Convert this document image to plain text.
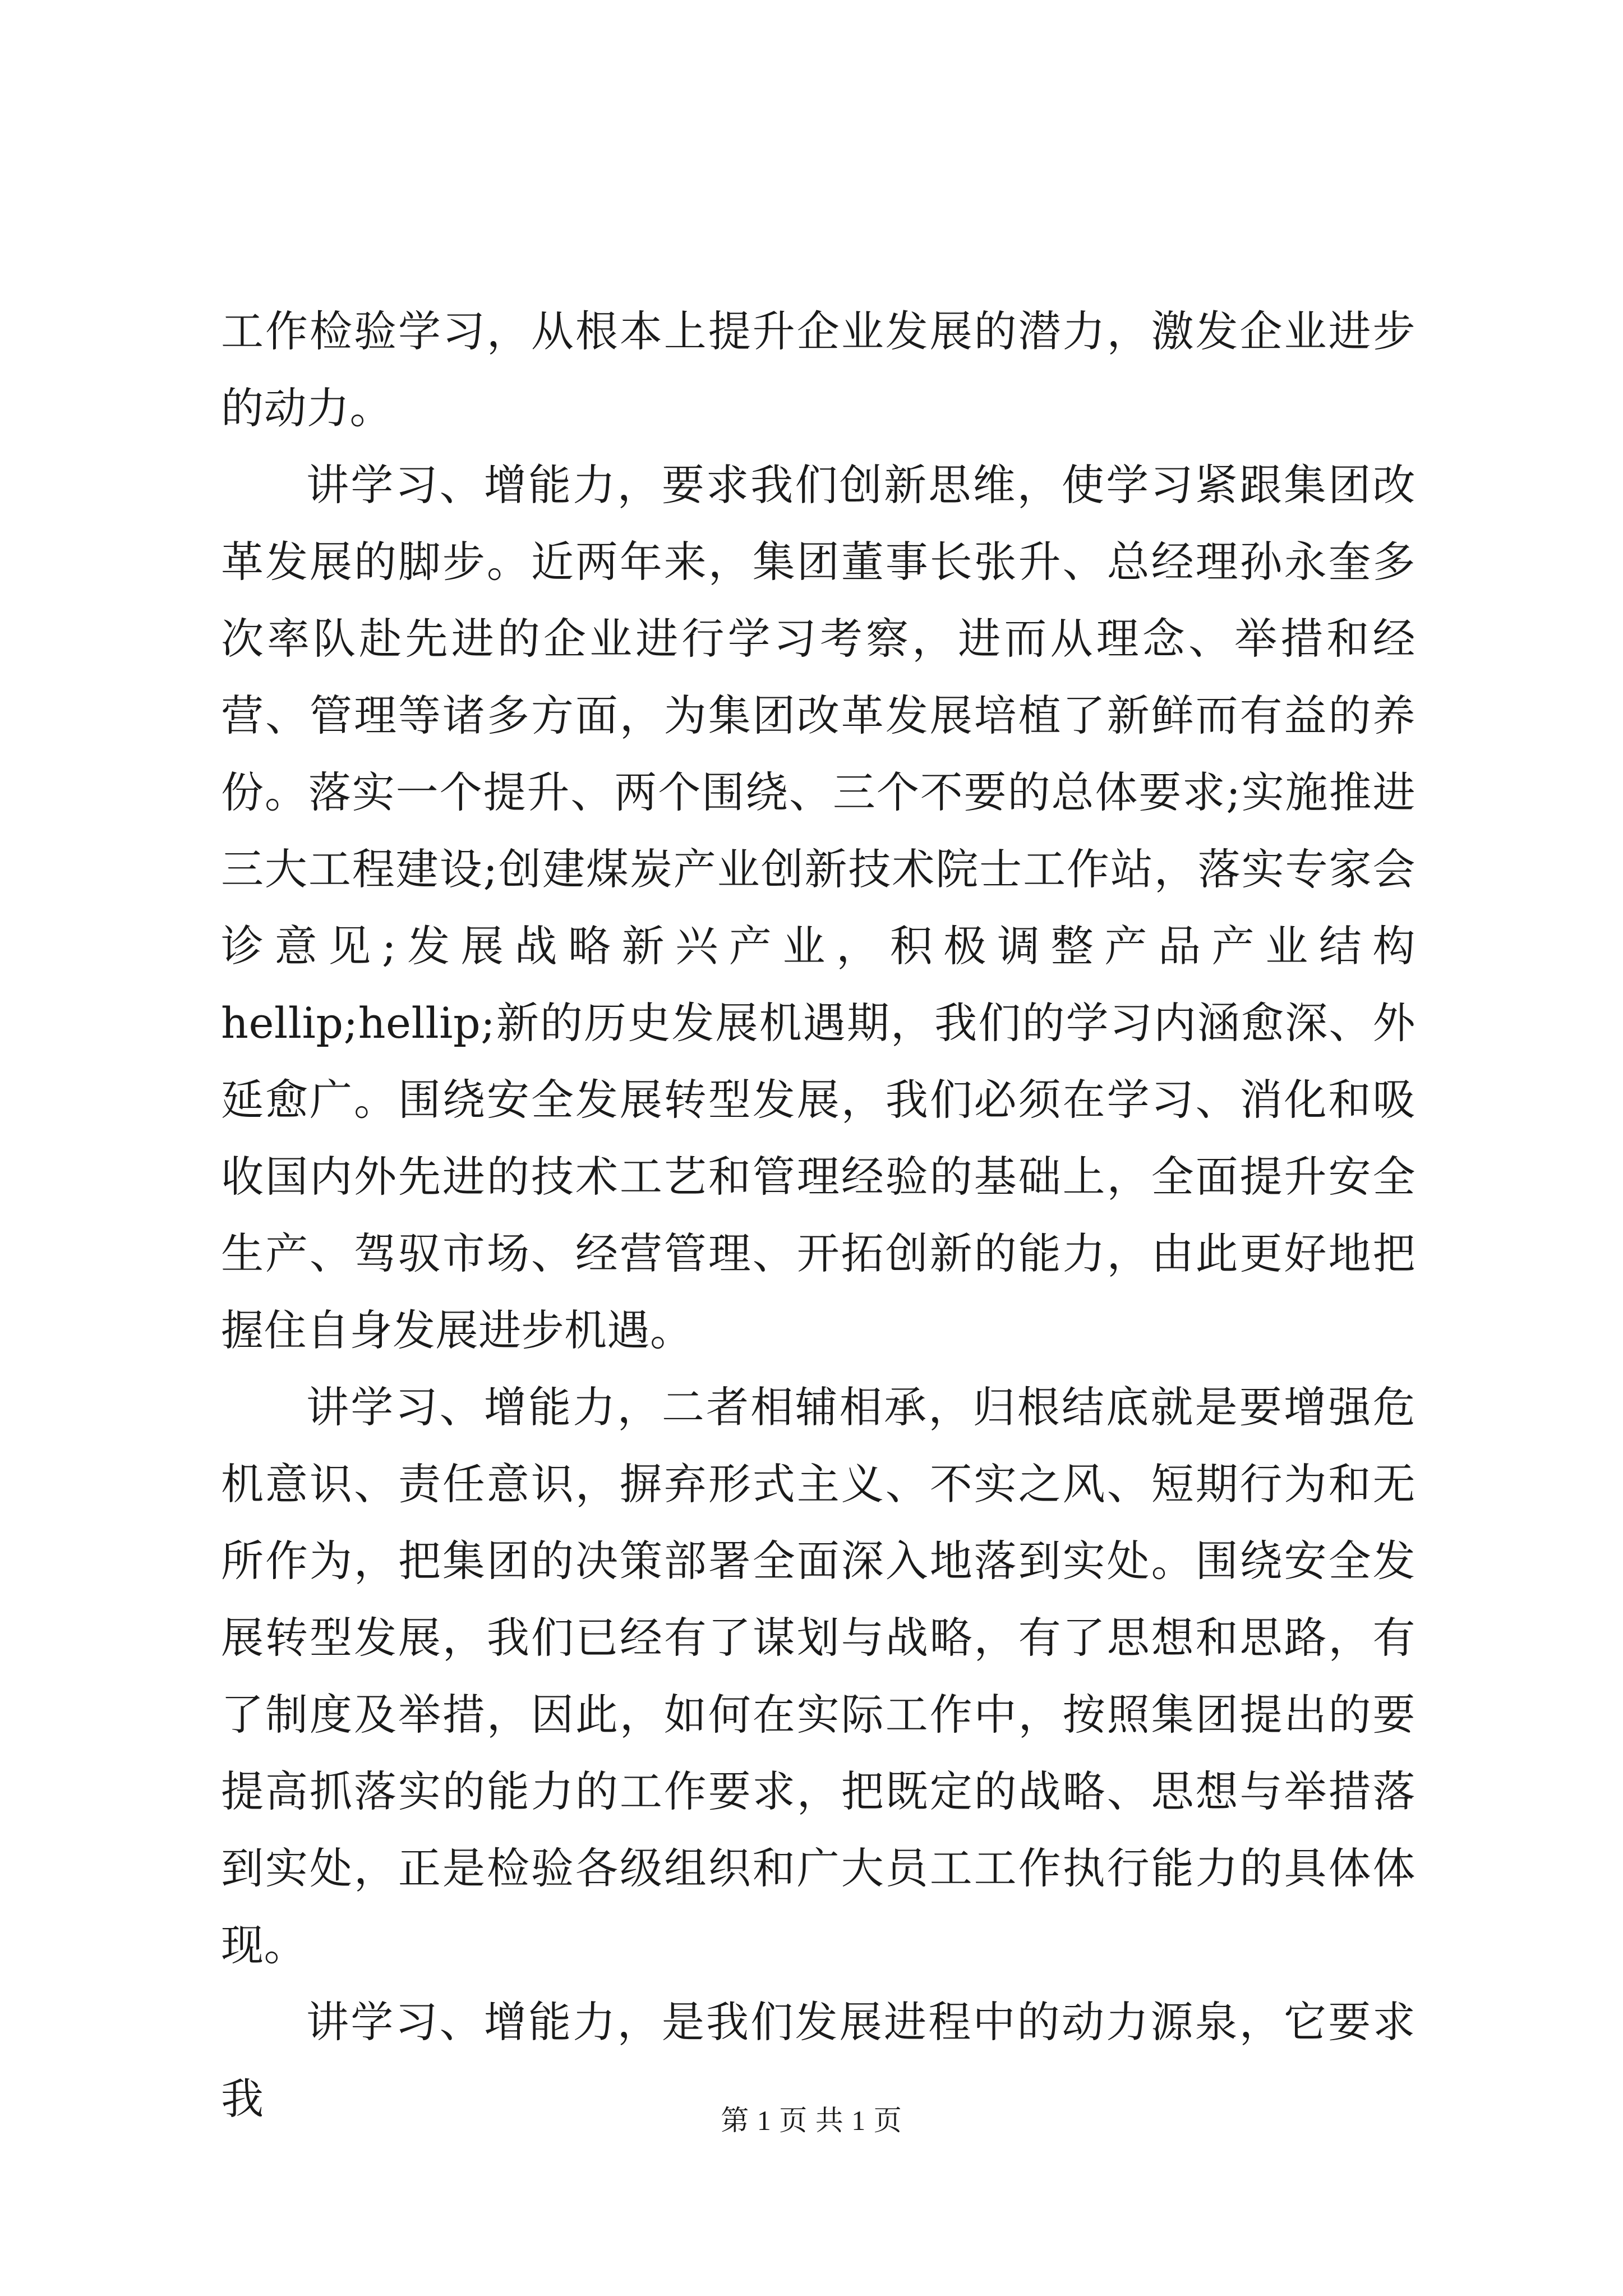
工作检验学习，从根本上提升企业发展的潜力，激发企业进步的动力。

讲学习、增能力，要求我们创新思维，使学习紧跟集团改革发展的脚步。近两年来，集团董事长张升、总经理孙永奎多次率队赴先进的企业进行学习考察，进而从理念、举措和经营、管理等诸多方面，为集团改革发展培植了新鲜而有益的养份。落实一个提升、两个围绕、三个不要的总体要求;实施推进三大工程建设;创建煤炭产业创新技术院士工作站，落实专家会诊意见;发展战略新兴产业，积极调整产品产业结构 hellip;hellip;新的历史发展机遇期，我们的学习内涵愈深、外延愈广。围绕安全发展转型发展，我们必须在学习、消化和吸收国内外先进的技术工艺和管理经验的基础上，全面提升安全生产、驾驭市场、经营管理、开拓创新的能力，由此更好地把握住自身发展进步机遇。

讲学习、增能力，二者相辅相承，归根结底就是要增强危机意识、责任意识，摒弃形式主义、不实之风、短期行为和无所作为，把集团的决策部署全面深入地落到实处。围绕安全发展转型发展，我们已经有了谋划与战略，有了思想和思路，有了制度及举措，因此，如何在实际工作中，按照集团提出的要提高抓落实的能力的工作要求，把既定的战略、思想与举措落到实处，正是检验各级组织和广大员工工作执行能力的具体体现。

讲学习、增能力，是我们发展进程中的动力源泉，它要求我	第 1 页 共 1 页
